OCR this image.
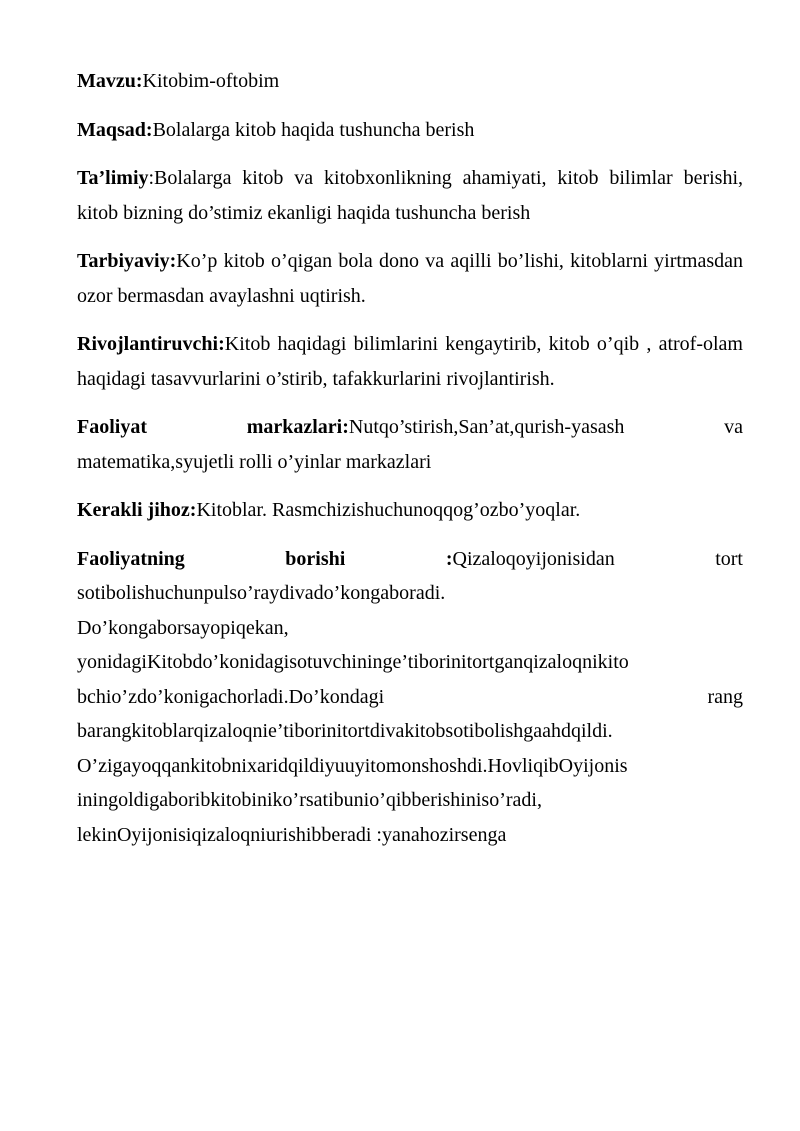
Mavzu:Kitobim-oftobim

Maqsad:Bolalarga kitob haqida tushuncha berish

Ta’limiy:Bolalarga kitob va kitobxonlikning ahamiyati, kitob bilimlar berishi, kitob bizning do’stimiz ekanligi haqida tushuncha berish

Tarbiyaviy:Ko’p kitob o’qigan bola dono va aqilli bo’lishi, kitoblarni yirtmasdan ozor bermasdan avaylashni uqtirish.

Rivojlantiruvchi:Kitob haqidagi bilimlarini kengaytirib, kitob o’qib , atrof-olam haqidagi tasavvurlarini o’stirib, tafakkurlarini rivojlantirish.

Faoliyat	markazlari:Nutqo’stirish,San’at,qurish-yasash	va
matematika,syujetli rolli o’yinlar markazlari

Kerakli jihoz:Kitoblar. Rasmchizishuchunoqqog’ozbo’yoqlar.

Faoliyatning	borishi	:Qizaloqoyijonisidan	tort
sotibolishuchunpulso’raydivado’kongaboradi.
Do’kongaborsayopiqekan,
yonidagiKitobdo’konidagisotuvchininge’tiborinitortganqizaloqnikito
bchio’zdo’konigachorladi.Do’kondagi	rang
barangkitoblarqizaloqnie’tiborinitortdivakitobsotibolishgaahdqildi.
O’zigayoqqankitobnixaridqildiyuuyitomonshoshdi.HovliqibOyijonis
iningoldigaboribkitobiniko’rsatibunio’qibberishiniso’radi,
lekinOyijonisiqizaloqniurishibberadi :yanahozirsenga
